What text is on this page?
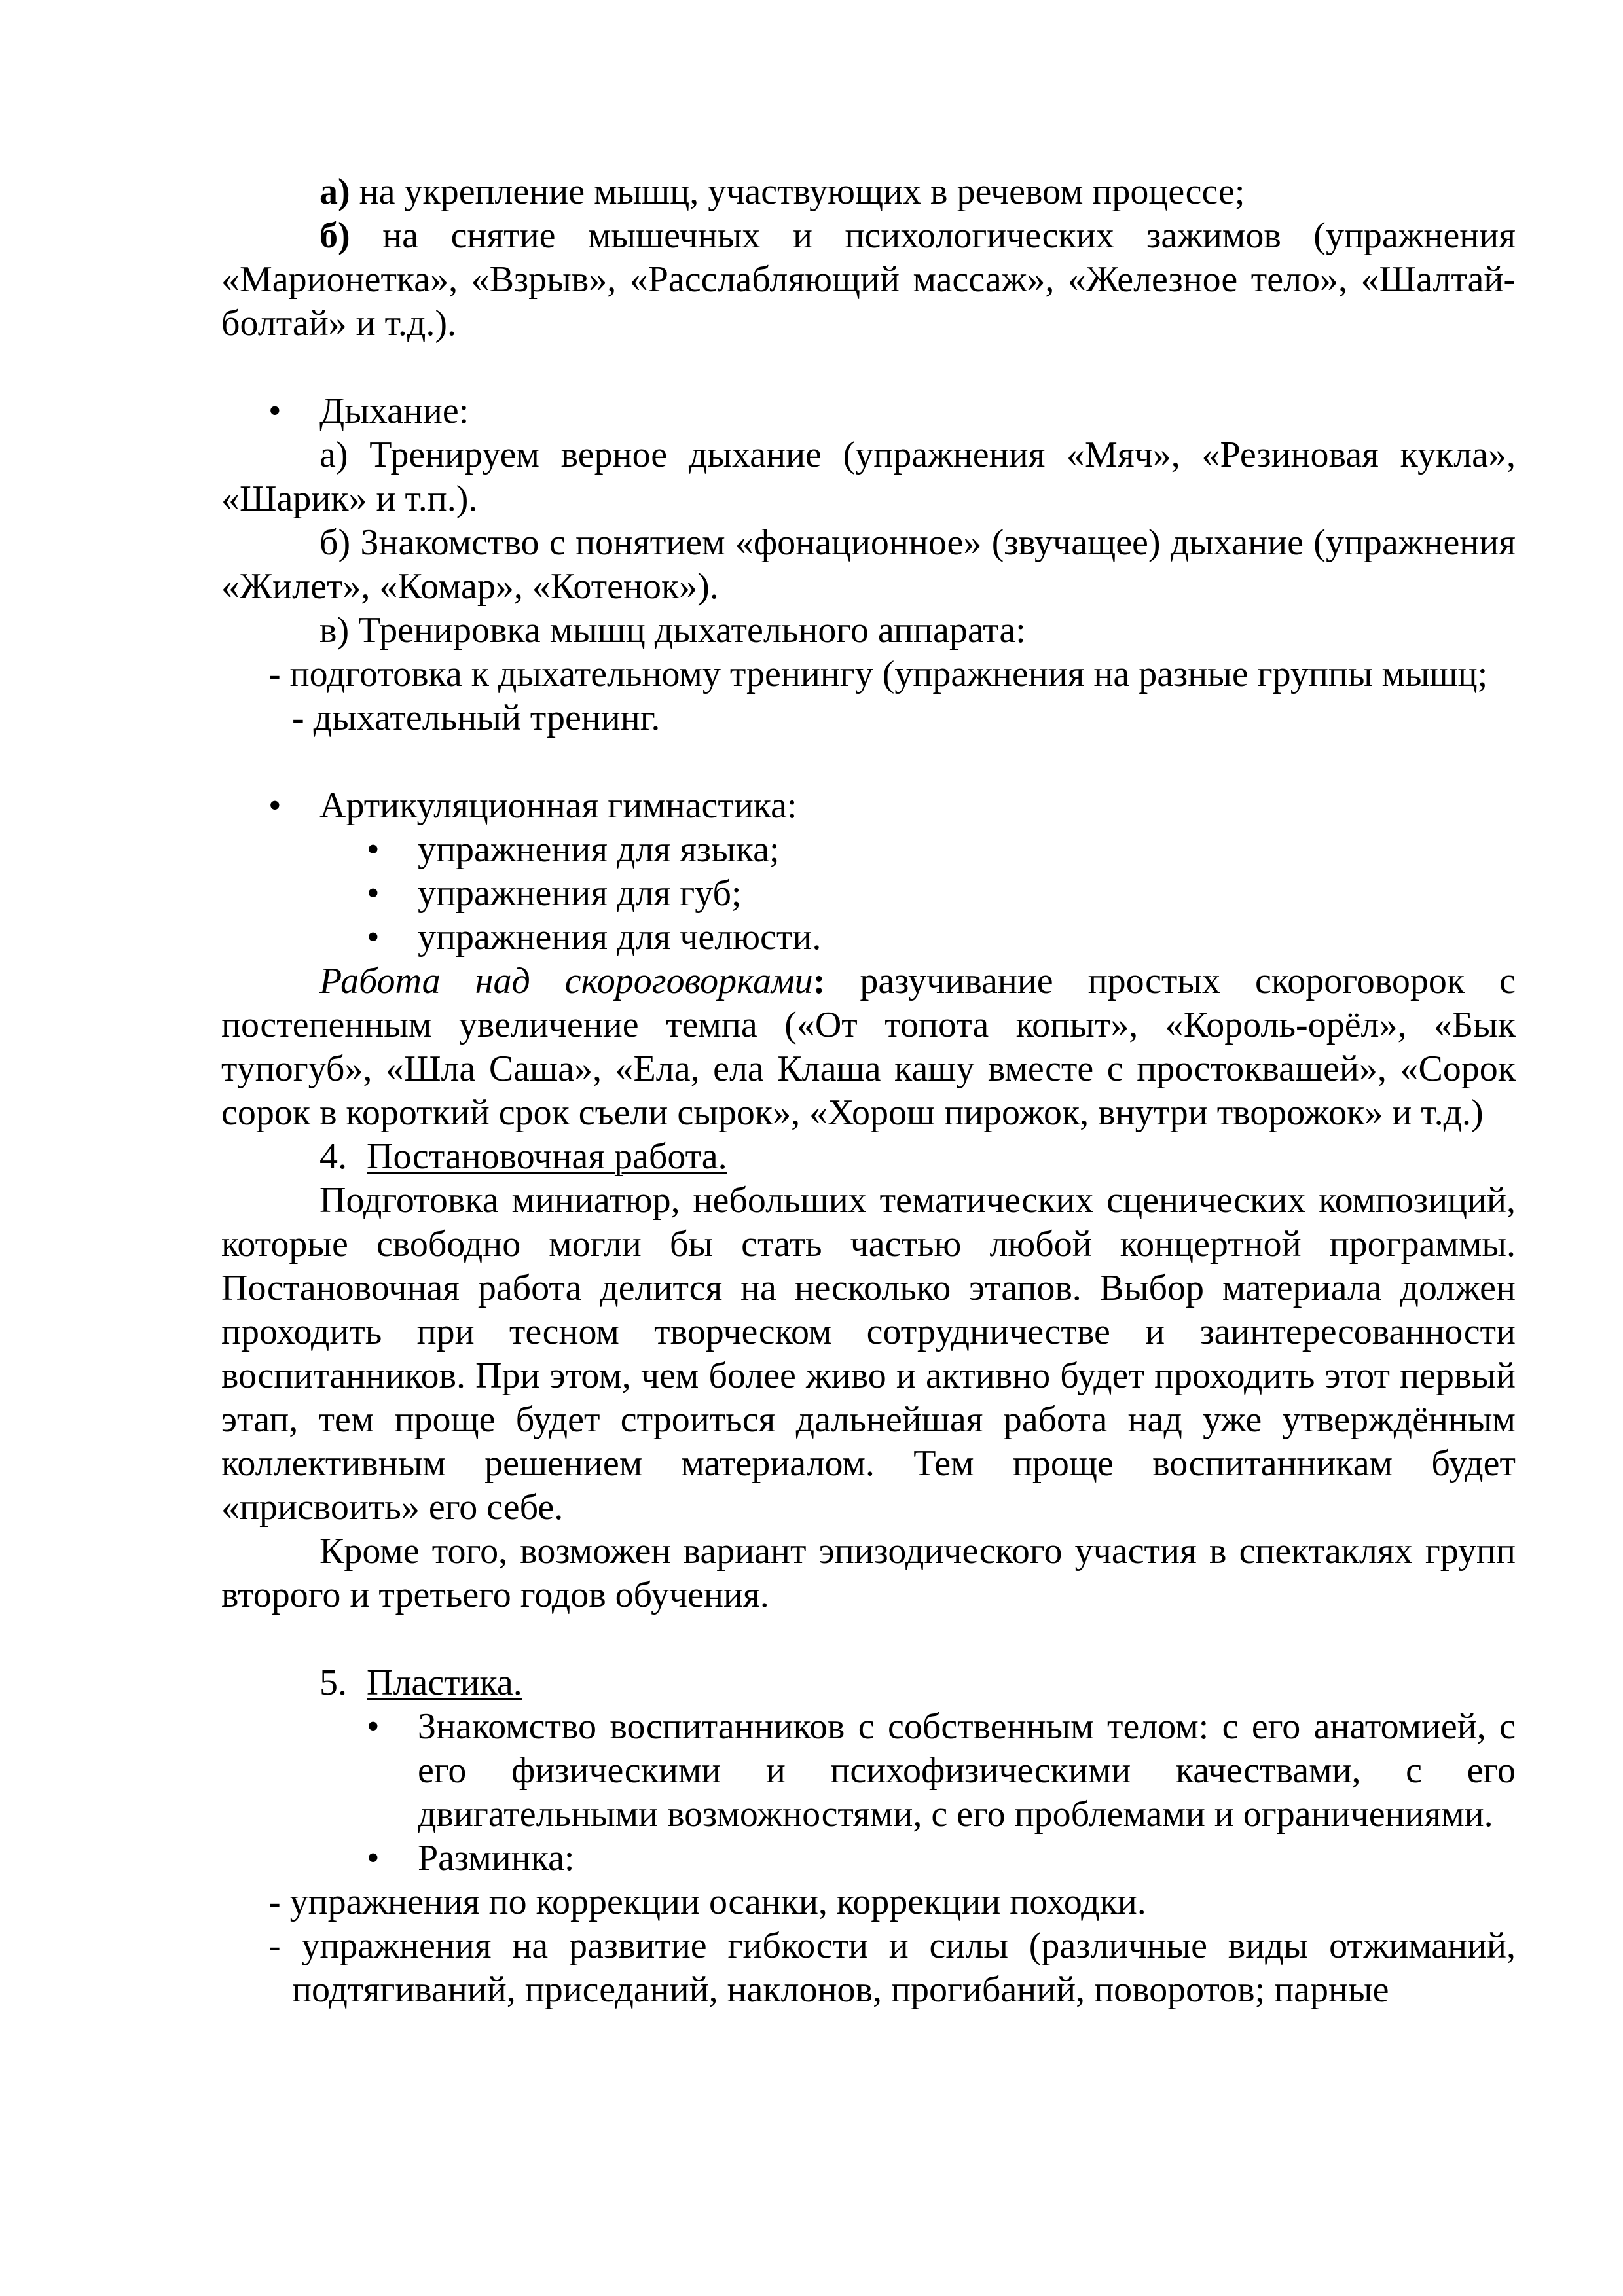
а) на укрепление мышц, участвующих в речевом процессе;

б) на снятие мышечных и психологических зажимов (упражнения «Марионетка», «Взрыв», «Расслабляющий массаж», «Железное тело», «Шалтай-болтай» и т.д.).

• Дыхание:

а) Тренируем верное дыхание (упражнения «Мяч», «Резиновая кукла», «Шарик» и т.п.).

б) Знакомство с понятием «фонационное» (звучащее) дыхание (упражнения «Жилет», «Комар», «Котенок»).

в) Тренировка мышц дыхательного аппарата:

- подготовка к дыхательному тренингу (упражнения на разные группы мышц;

- дыхательный тренинг.

• Артикуляционная гимнастика:

• упражнения для языка;

• упражнения для губ;

• упражнения для челюсти.

Работа над скороговорками: разучивание простых скороговорок с постепенным увеличение темпа («От топота копыт», «Король-орёл», «Бык тупогуб», «Шла Саша», «Ела, ела Клаша кашу вместе с простоквашей», «Сорок сорок в короткий срок съели сырок», «Хорош пирожок, внутри творожок» и т.д.)

4. Постановочная работа.

Подготовка миниатюр, небольших тематических сценических композиций, которые свободно могли бы стать частью любой концертной программы. Постановочная работа делится на несколько этапов. Выбор материала должен проходить при тесном творческом сотрудничестве и заинтересованности воспитанников. При этом, чем более живо и активно будет проходить этот первый этап, тем проще будет строиться дальнейшая работа над уже утверждённым коллективным решением материалом. Тем проще воспитанникам будет «присвоить» его себе.

Кроме того, возможен вариант эпизодического участия в спектаклях групп второго и третьего годов обучения.

5. Пластика.

• Знакомство воспитанников с собственным телом: с его анатомией, с его физическими и психофизическими качествами, с его двигательными возможностями, с его проблемами и ограничениями.

• Разминка:

- упражнения по коррекции осанки, коррекции походки.

- упражнения на развитие гибкости и силы (различные виды отжиманий, подтягиваний, приседаний, наклонов, прогибаний, поворотов; парные
